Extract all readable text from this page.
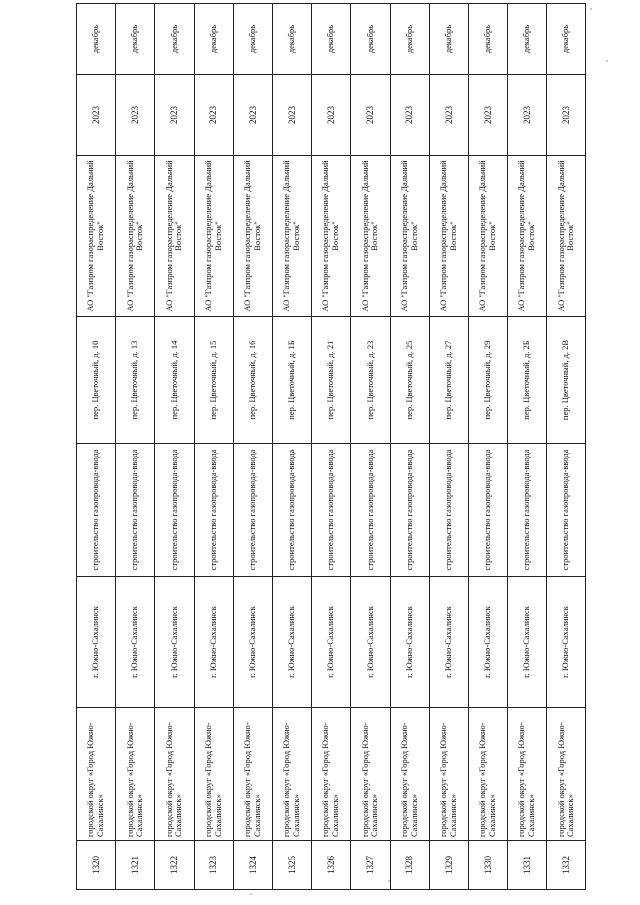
1320	городской округ «Город Южно-Сахалинск»	г. Южно-Сахалинск	строительство газопровода-ввода	пер. Цветочный, д. 10	АО "Газпром газораспределение Дальний Восток"	2023	декабрь
1321	городской округ «Город Южно-Сахалинск»	г. Южно-Сахалинск	строительство газопровода-ввода	пер. Цветочный, д. 13	АО "Газпром газораспределение Дальний Восток"	2023	декабрь
1322	городской округ «Город Южно-Сахалинск»	г. Южно-Сахалинск	строительство газопровода-ввода	пер. Цветочный, д. 14	АО "Газпром газораспределение Дальний Восток"	2023	декабрь
1323	городской округ «Город Южно-Сахалинск»	г. Южно-Сахалинск	строительство газопровода-ввода	пер. Цветочный, д. 15	АО "Газпром газораспределение Дальний Восток"	2023	декабрь
1324	городской округ «Город Южно-Сахалинск»	г. Южно-Сахалинск	строительство газопровода-ввода	пер. Цветочный, д. 16	АО "Газпром газораспределение Дальний Восток"	2023	декабрь
1325	городской округ «Город Южно-Сахалинск»	г. Южно-Сахалинск	строительство газопровода-ввода	пер. Цветочный, д. 1Б	АО "Газпром газораспределение Дальний Восток"	2023	декабрь
1326	городской округ «Город Южно-Сахалинск»	г. Южно-Сахалинск	строительство газопровода-ввода	пер. Цветочный, д. 21	АО "Газпром газораспределение Дальний Восток"	2023	декабрь
1327	городской округ «Город Южно-Сахалинск»	г. Южно-Сахалинск	строительство газопровода-ввода	пер. Цветочный, д. 23	АО "Газпром газораспределение Дальний Восток"	2023	декабрь
1328	городской округ «Город Южно-Сахалинск»	г. Южно-Сахалинск	строительство газопровода-ввода	пер. Цветочный, д. 25	АО "Газпром газораспределение Дальний Восток"	2023	декабрь
1329	городской округ «Город Южно-Сахалинск»	г. Южно-Сахалинск	строительство газопровода-ввода	пер. Цветочный, д. 27	АО "Газпром газораспределение Дальний Восток"	2023	декабрь
1330	городской округ «Город Южно-Сахалинск»	г. Южно-Сахалинск	строительство газопровода-ввода	пер. Цветочный, д. 29	АО "Газпром газораспределение Дальний Восток"	2023	декабрь
1331	городской округ «Город Южно-Сахалинск»	г. Южно-Сахалинск	строительство газопровода-ввода	пер. Цветочный, д. 2Б	АО "Газпром газораспределение Дальний Восток"	2023	декабрь
1332	городской округ «Город Южно-Сахалинск»	г. Южно-Сахалинск	строительство газопровода-ввода	пер. Цветочный, д. 2В	АО "Газпром газораспределение Дальний Восток"	2023	декабрь
